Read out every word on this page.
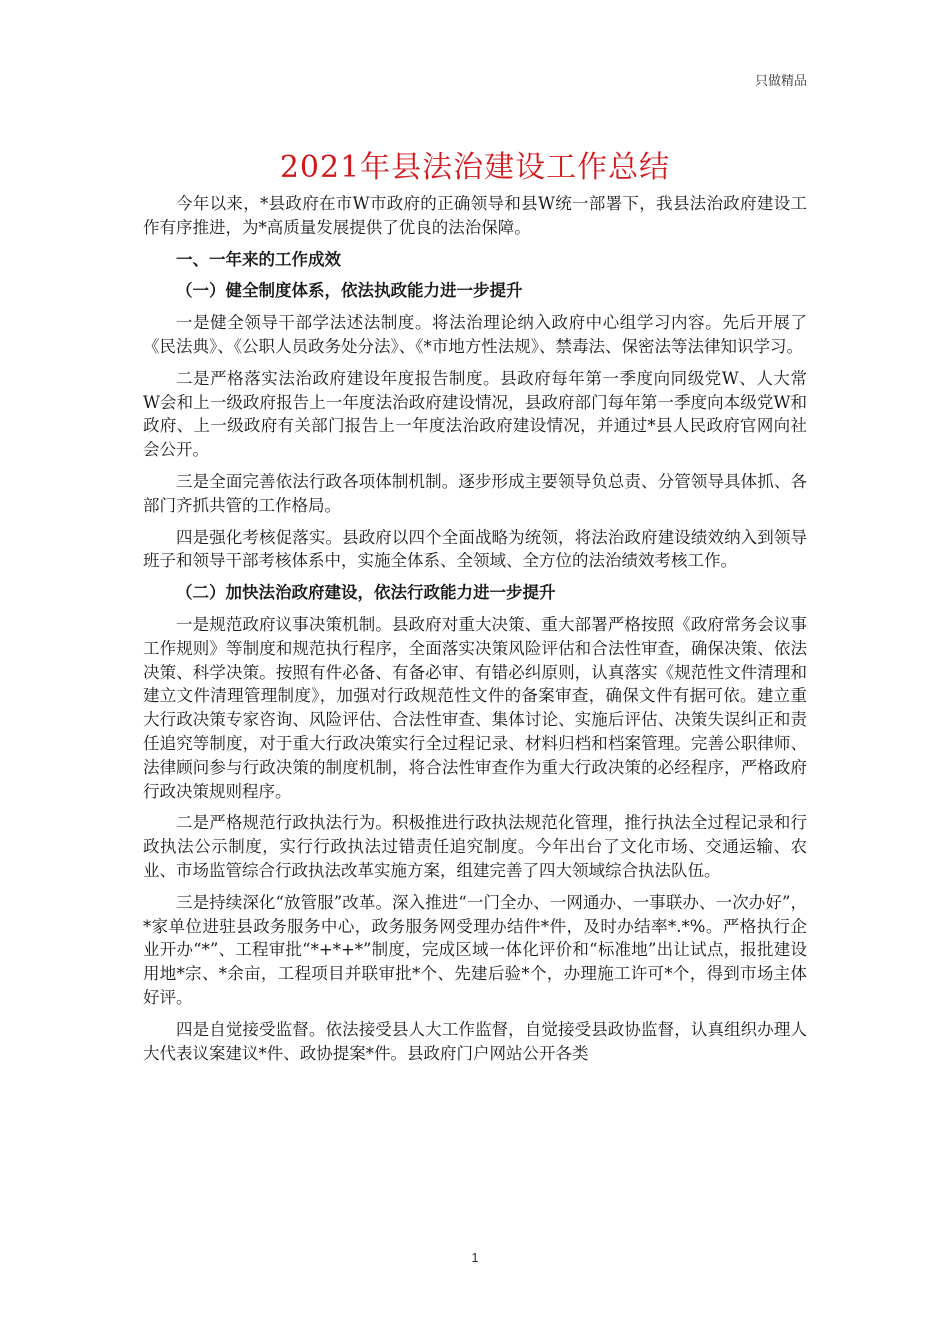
只做精品
2021年县法治建设工作总结

今年以来，*县政府在市W市政府的正确领导和县W统一部署下，我县法治政府建设工作有序推进，为*高质量发展提供了优良的法治保障。

一、一年来的工作成效
（一）健全制度体系，依法执政能力进一步提升

一是健全领导干部学法述法制度。将法治理论纳入政府中心组学习内容。先后开展了《民法典》、《公职人员政务处分法》、《*市地方性法规》、禁毒法、保密法等法律知识学习。

二是严格落实法治政府建设年度报告制度。县政府每年第一季度向同级党W、人大常 W会和上一级政府报告上一年度法治政府建设情况，县政府部门每年第一季度向本级党W和政府、上一级政府有关部门报告上一年度法治政府建设情况，并通过*县人民政府官网向社会公开。

三是全面完善依法行政各项体制机制。逐步形成主要领导负总责、分管领导具体抓、各部门齐抓共管的工作格局。

四是强化考核促落实。县政府以四个全面战略为统领，将法治政府建设绩效纳入到领导班子和领导干部考核体系中，实施全体系、全领域、全方位的法治绩效考核工作。

（二）加快法治政府建设，依法行政能力进一步提升

一是规范政府议事决策机制。县政府对重大决策、重大部署严格按照《政府常务会议事工作规则》等制度和规范执行程序，全面落实决策风险评估和合法性审查，确保决策、依法决策、科学决策。按照有件必备、有备必审、有错必纠原则，认真落实《规范性文件清理和建立文件清理管理制度》，加强对行政规范性文件的备案审查，确保文件有据可依。建立重大行政决策专家咨询、风险评估、合法性审查、集体讨论、实施后评估、决策失误纠正和责任追究等制度，对于重大行政决策实行全过程记录、材料归档和档案管理。完善公职律师、法律顾问参与行政决策的制度机制，将合法性审查作为重大行政决策的必经程序，严格政府行政决策规则程序。

二是严格规范行政执法行为。积极推进行政执法规范化管理，推行执法全过程记录和行政执法公示制度，实行行政执法过错责任追究制度。今年出台了文化市场、交通运输、农业、市场监管综合行政执法改革实施方案，组建完善了四大领域综合执法队伍。

三是持续深化“放管服”改革。深入推进“一门全办、一网通办、一事联办、一次办好”，*家单位进驻县政务服务中心，政务服务网受理办结件*件，及时办结率*.*%。严格执行企业开办“*”、工程审批“*+*+*”制度，完成区域一体化评价和“标准地”出让试点，报批建设用地*宗、*余亩，工程项目并联审批*个、先建后验*个，办理施工许可*个，得到市场主体好评。

四是自觉接受监督。依法接受县人大工作监督，自觉接受县政协监督，认真组织办理人大代表议案建议*件、政协提案*件。县政府门户网站公开各类

1
